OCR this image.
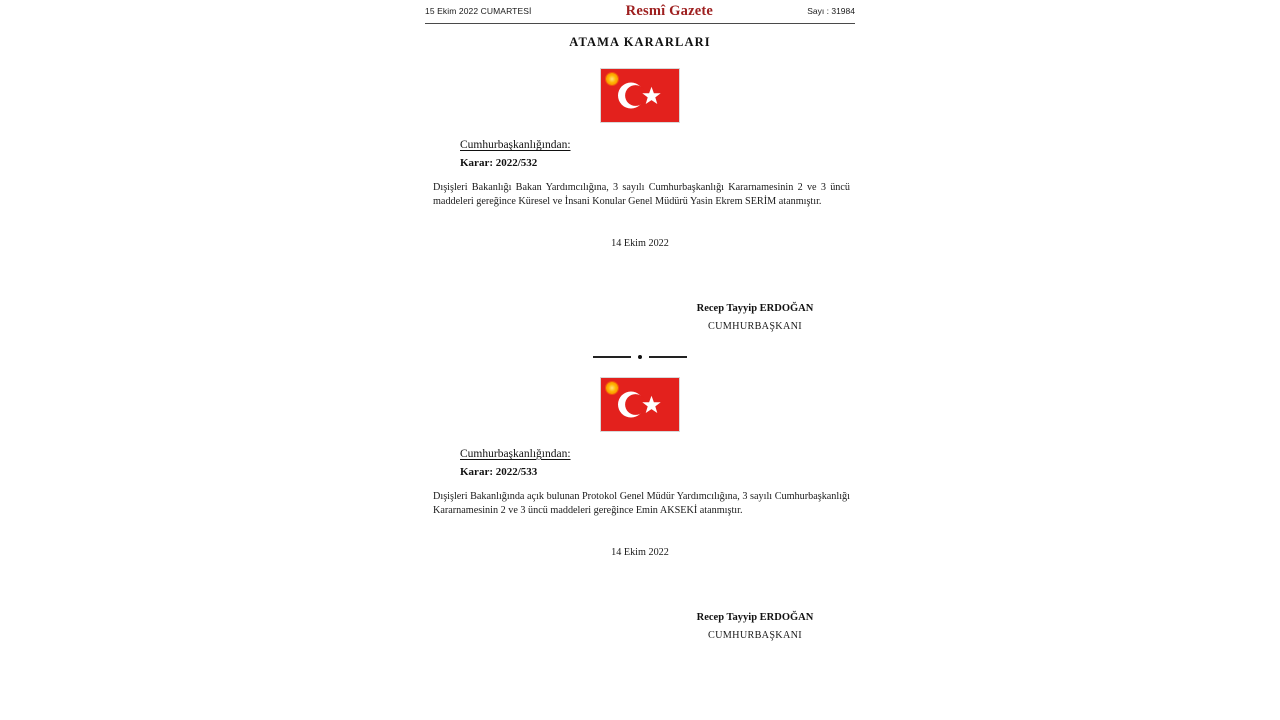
15 Ekim 2022 CUMARTESİ	Resmî Gazete	Sayı : 31984
ATAMA KARARLARI
Cumhurbaşkanlığından:
Karar: 2022/532
Dışişleri Bakanlığı Bakan Yardımcılığına, 3 sayılı Cumhurbaşkanlığı Kararnamesinin 2 ve 3 üncü maddeleri gereğince Küresel ve İnsani Konular Genel Müdürü Yasin Ekrem SERİM atanmıştır.
14 Ekim 2022
Recep Tayyip ERDOĞAN
CUMHURBAŞKANI
Cumhurbaşkanlığından:
Karar: 2022/533
Dışişleri Bakanlığında açık bulunan Protokol Genel Müdür Yardımcılığına, 3 sayılı Cumhurbaşkanlığı Kararnamesinin 2 ve 3 üncü maddeleri gereğince Emin AKSEKİ atanmıştır.
14 Ekim 2022
Recep Tayyip ERDOĞAN
CUMHURBAŞKANI
